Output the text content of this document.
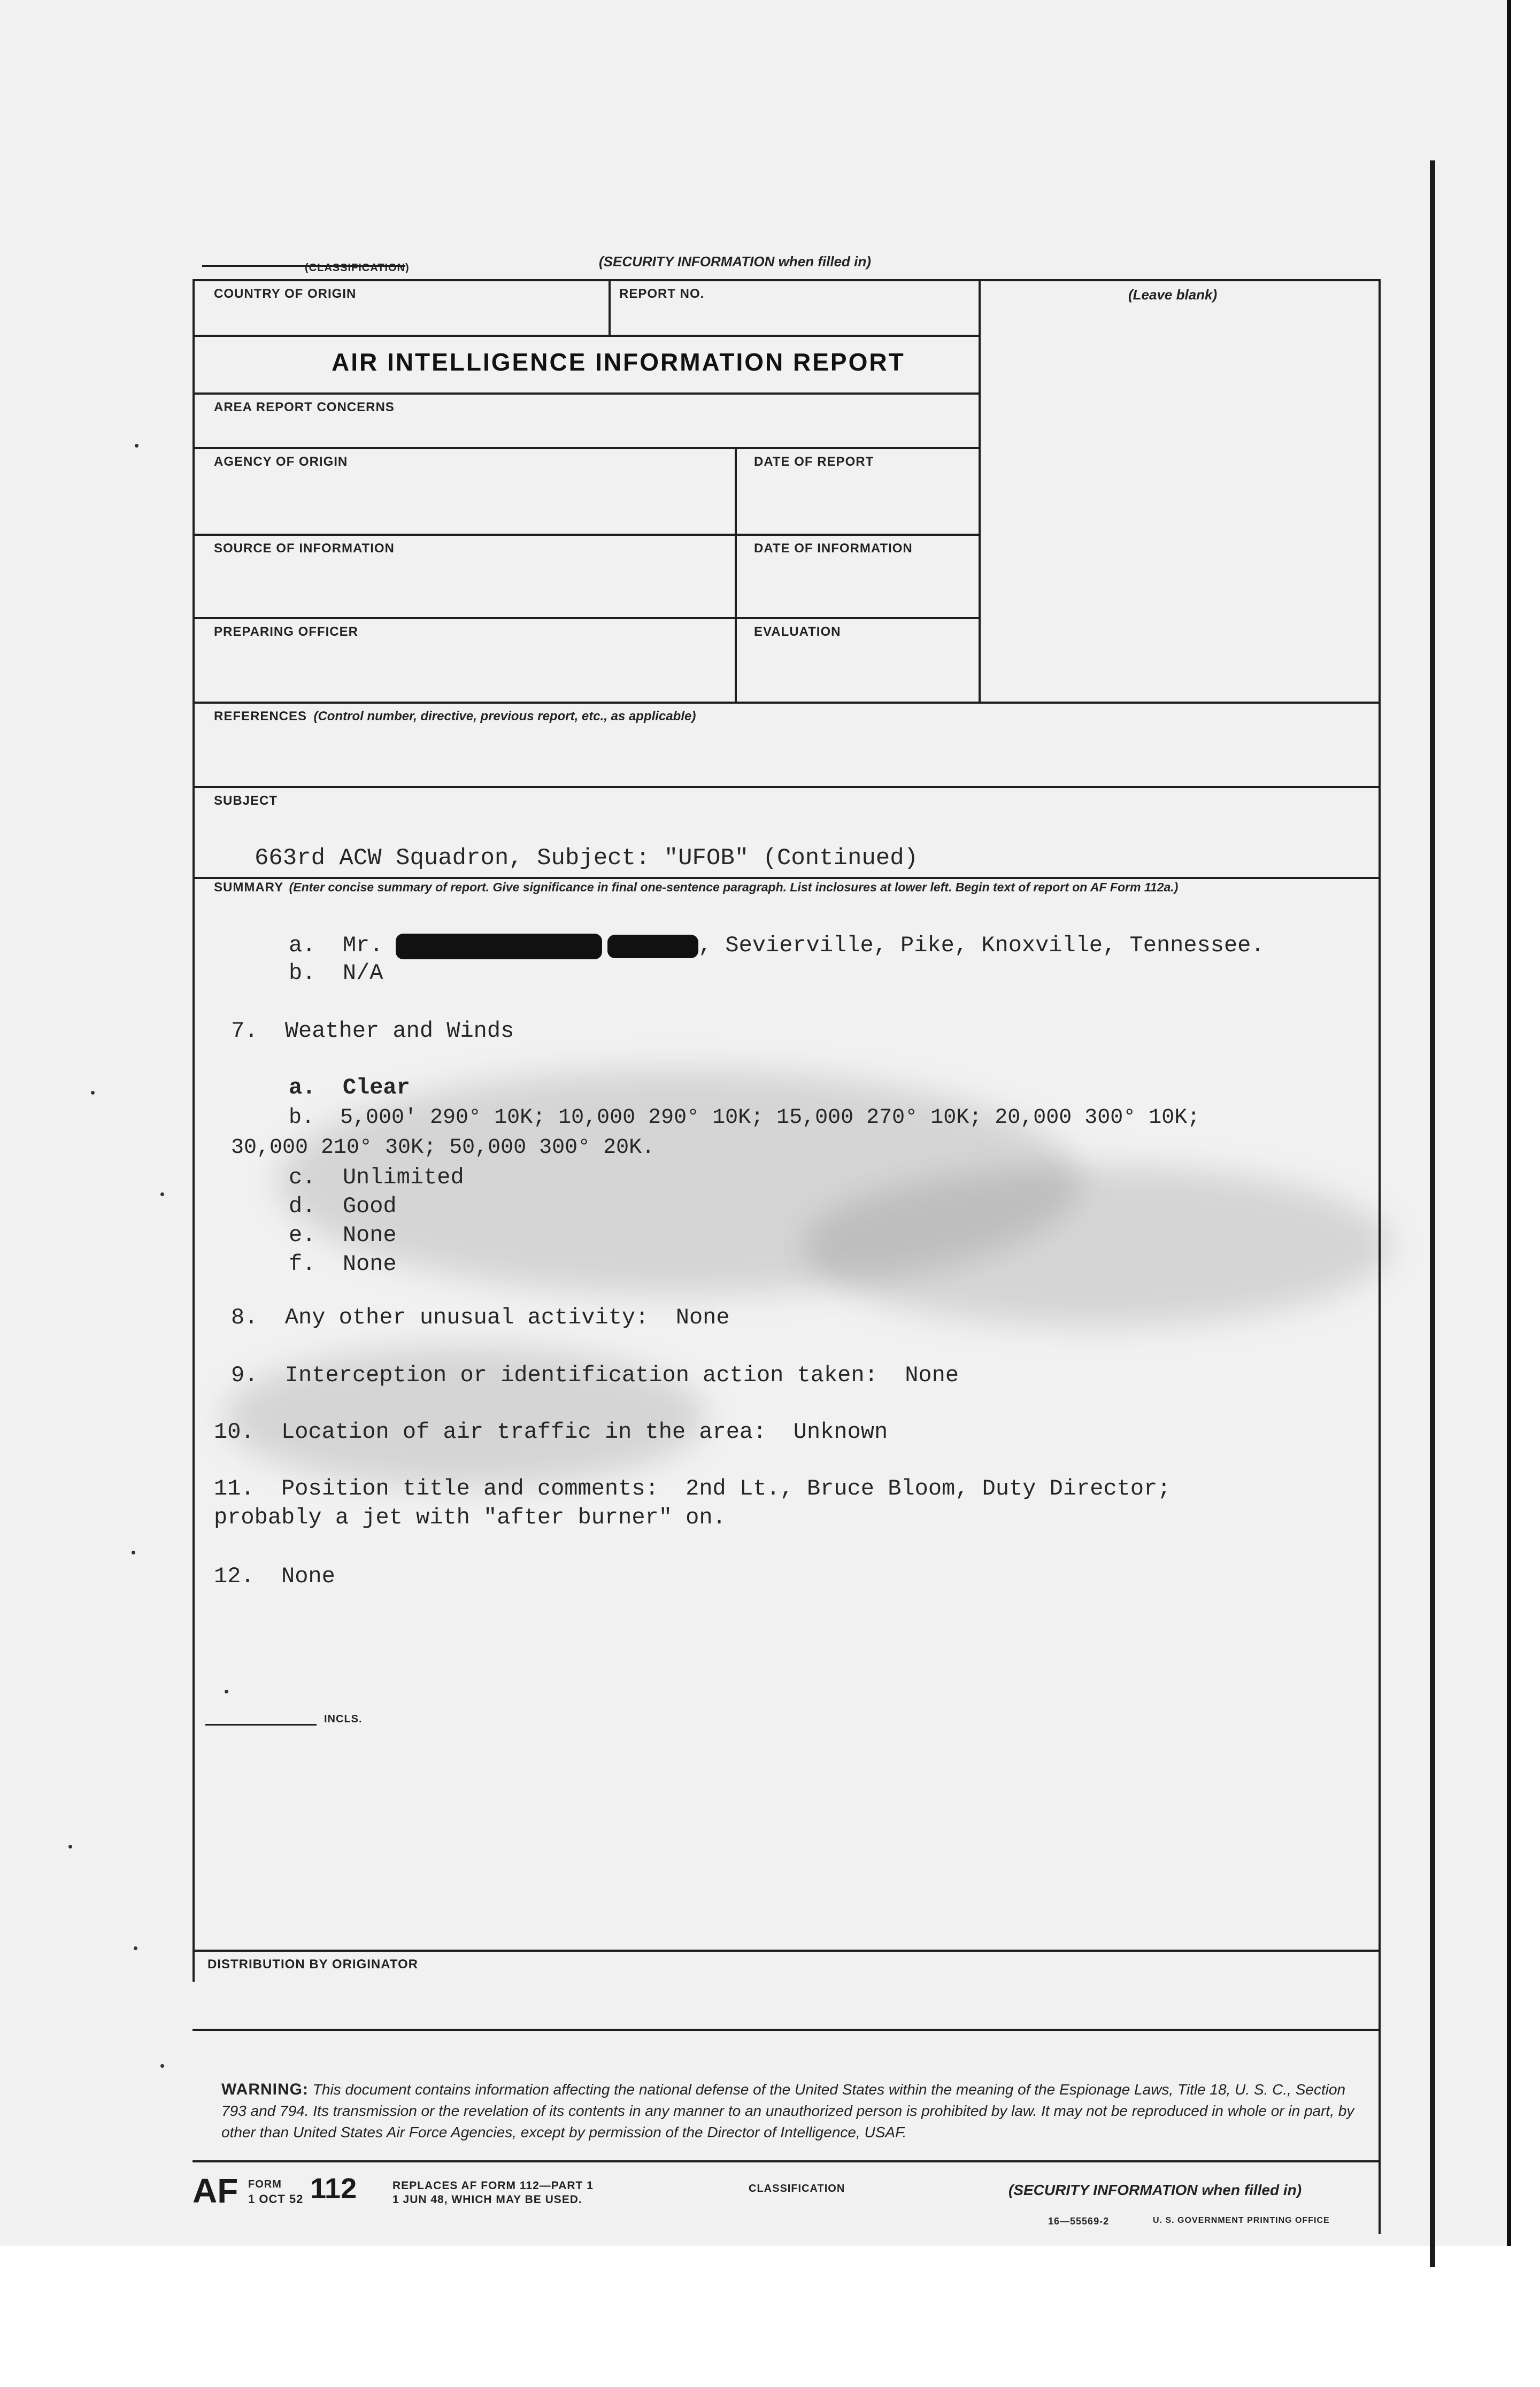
(CLASSIFICATION)	(SECURITY INFORMATION when filled in)
COUNTRY OF ORIGIN	REPORT NO.	(Leave blank)
AIR INTELLIGENCE INFORMATION REPORT
AREA REPORT CONCERNS
AGENCY OF ORIGIN	DATE OF REPORT
SOURCE OF INFORMATION	DATE OF INFORMATION
PREPARING OFFICER	EVALUATION
REFERENCES (Control number, directive, previous report, etc., as applicable)
SUBJECT
663rd ACW Squadron, Subject: "UFOB" (Continued)
SUMMARY (Enter concise summary of report. Give significance in final one-sentence paragraph. List inclosures at lower left. Begin text of report on AF Form 112a.)
a.  Mr.	, Sevierville, Pike, Knoxville, Tennessee.
b.  N/A
7.  Weather and Winds
a.  Clear
b.  5,000' 290° 10K; 10,000 290° 10K; 15,000 270° 10K; 20,000 300° 10K;
30,000 210° 30K; 50,000 300° 20K.
c.  Unlimited
d.  Good
e.  None
f.  None
8.  Any other unusual activity:  None
9.  Interception or identification action taken:  None
10.  Location of air traffic in the area:  Unknown
11.  Position title and comments:  2nd Lt., Bruce Bloom, Duty Director;
probably a jet with "after burner" on.
12.  None
INCLS.
DISTRIBUTION BY ORIGINATOR
WARNING: This document contains information affecting the national defense of the United States within the meaning of the Espionage Laws, Title 18, U. S. C., Section 793 and 794. Its transmission or the revelation of its contents in any manner to an unauthorized person is prohibited by law. It may not be reproduced in whole or in part, by other than United States Air Force Agencies, except by permission of the Director of Intelligence, USAF.
AF FORM
1 OCT 52 112	REPLACES AF FORM 112—PART 1
1 JUN 48, WHICH MAY BE USED.
CLASSIFICATION	(SECURITY INFORMATION when filled in)
16—55569-2	U. S. GOVERNMENT PRINTING OFFICE
